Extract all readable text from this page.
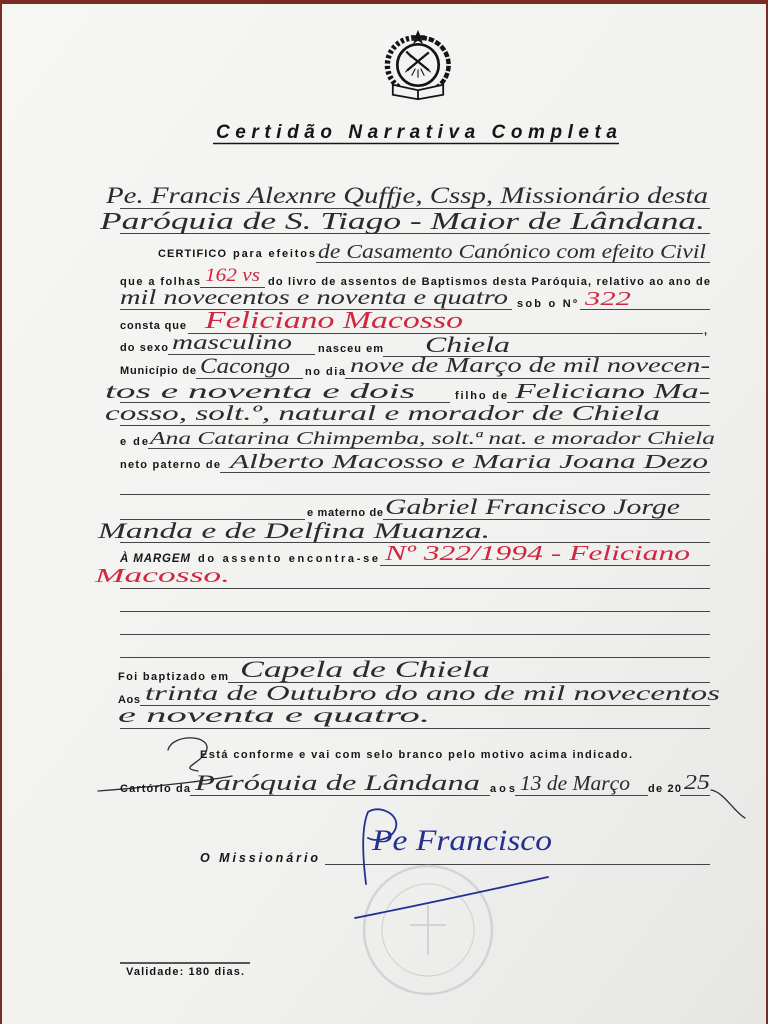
Certidão Narrativa Completa
Pe. Francis Alexnre Quffje, Cssp, Missionário desta
Paróquia de S. Tiago - Maior de Lândana.
CERTIFICO para efeitos de Casamento Canónico com efeito Civil
que a folhas 162 vs do livro de assentos de Baptismos desta Paróquia, relativo ao ano de
mil novecentos e noventa e quatro sob o Nº 322
consta que Feliciano Macosso	,
do sexo masculino nasceu em Chiela
Município de Cacongo no dia nove de Março de mil novecen-
tos e noventa e dois	filho de Feliciano Ma-
cosso, solt.º, natural e morador de Chiela
e de Ana Catarina Chimpemba, solt.ª nat. e morador Chiela
neto paterno de Alberto Macosso e Maria Joana Dezo
e materno de Gabriel Francisco Jorge
Manda e de Delfina Muanza.
À MARGEM do assento encontra-se Nº 322/1994 - Feliciano
Macosso.
Foi baptizado em Capela de Chiela
Aos trinta de Outubro do ano de mil novecentos
e noventa e quatro.
Está conforme e vai com selo branco pelo motivo acima indicado.
Cartório da Paróquia de Lândana aos 13 de Março de 20 25
O Missionário
Pe Francisco
Validade: 180 dias.
